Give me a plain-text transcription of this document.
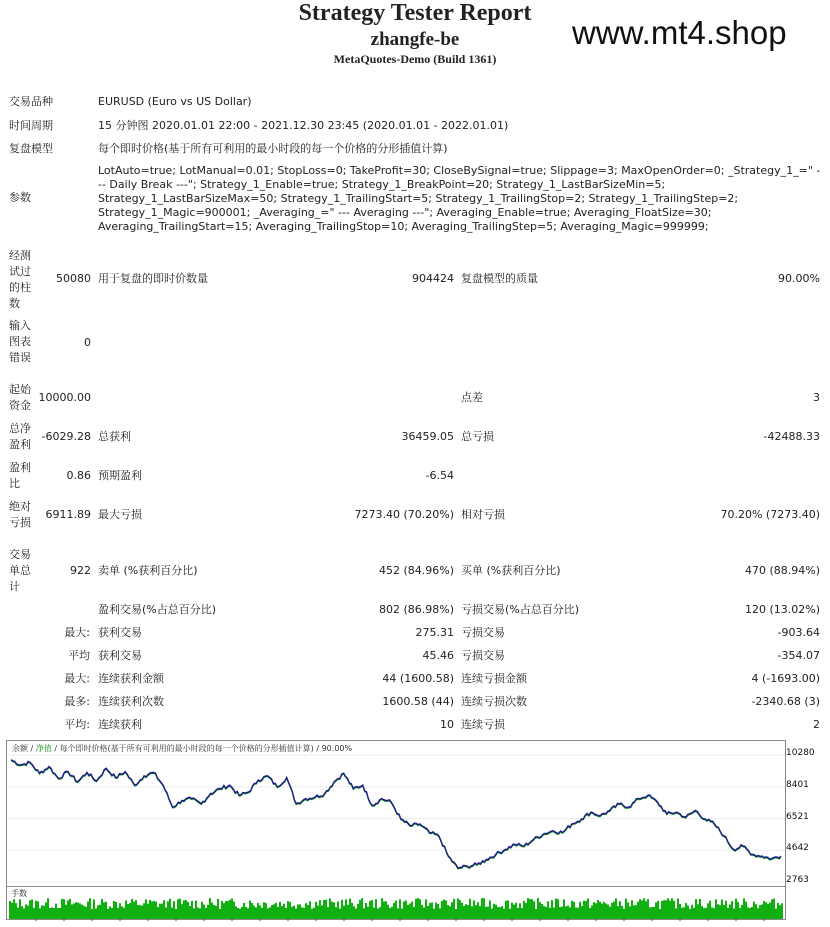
Strategy Tester Report
zhangfe-be
MetaQuotes-Demo (Build 1361)
www.mt4.shop
交易品种	EURUSD (Euro vs US Dollar)
时间周期	15 分钟图 2020.01.01 22:00 - 2021.12.30 23:45 (2020.01.01 - 2022.01.01)
复盘模型	每个即时价格(基于所有可利用的最小时段的每一个价格的分形插值计算)
参数
LotAuto=true; LotManual=0.01; StopLoss=0; TakeProfit=30; CloseBySignal=true; Slippage=3; MaxOpenOrder=0; _Strategy_1_=" --- Daily Break ---"; Strategy_1_Enable=true; Strategy_1_BreakPoint=20; Strategy_1_LastBarSizeMin=5; Strategy_1_LastBarSizeMax=50; Strategy_1_TrailingStart=5; Strategy_1_TrailingStop=2; Strategy_1_TrailingStep=2; Strategy_1_Magic=900001; _Averaging_=" --- Averaging ---"; Averaging_Enable=true; Averaging_FloatSize=30; Averaging_TrailingStart=15; Averaging_TrailingStop=10; Averaging_TrailingStep=5; Averaging_Magic=999999;
经测试过的柱数
50080 用于复盘的即时价数量	904424 复盘模型的质量	90.00%
输入图表错误
0
起始资金
10000.00	点差	3
总净盈利
-6029.28 总获利	36459.05 总亏损	-42488.33
盈利比
0.86 预期盈利	-6.54
绝对亏损
6911.89 最大亏损	7273.40 (70.20%) 相对亏损	70.20% (7273.40)
交易单总计
922 卖单 (%获利百分比)	452 (84.96%) 买单 (%获利百分比)	470 (88.94%)
盈利交易(%占总百分比)	802 (86.98%) 亏损交易(%占总百分比)	120 (13.02%)
最大: 获利交易	275.31 亏损交易	-903.64
平均 获利交易	45.46 亏损交易	-354.07
最大: 连续获利金额	44 (1600.58) 连续亏损金额	4 (-1693.00)
最多: 连续获利次数	1600.58 (44) 连续亏损次数	-2340.68 (3)
平均: 连续获利	10 连续亏损	2
余额 / 净值 / 每个即时价格(基于所有可利用的最小时段的每一个价格的分形插值计算) / 90.00%	10280
8401
6521
4642
2763
手数
